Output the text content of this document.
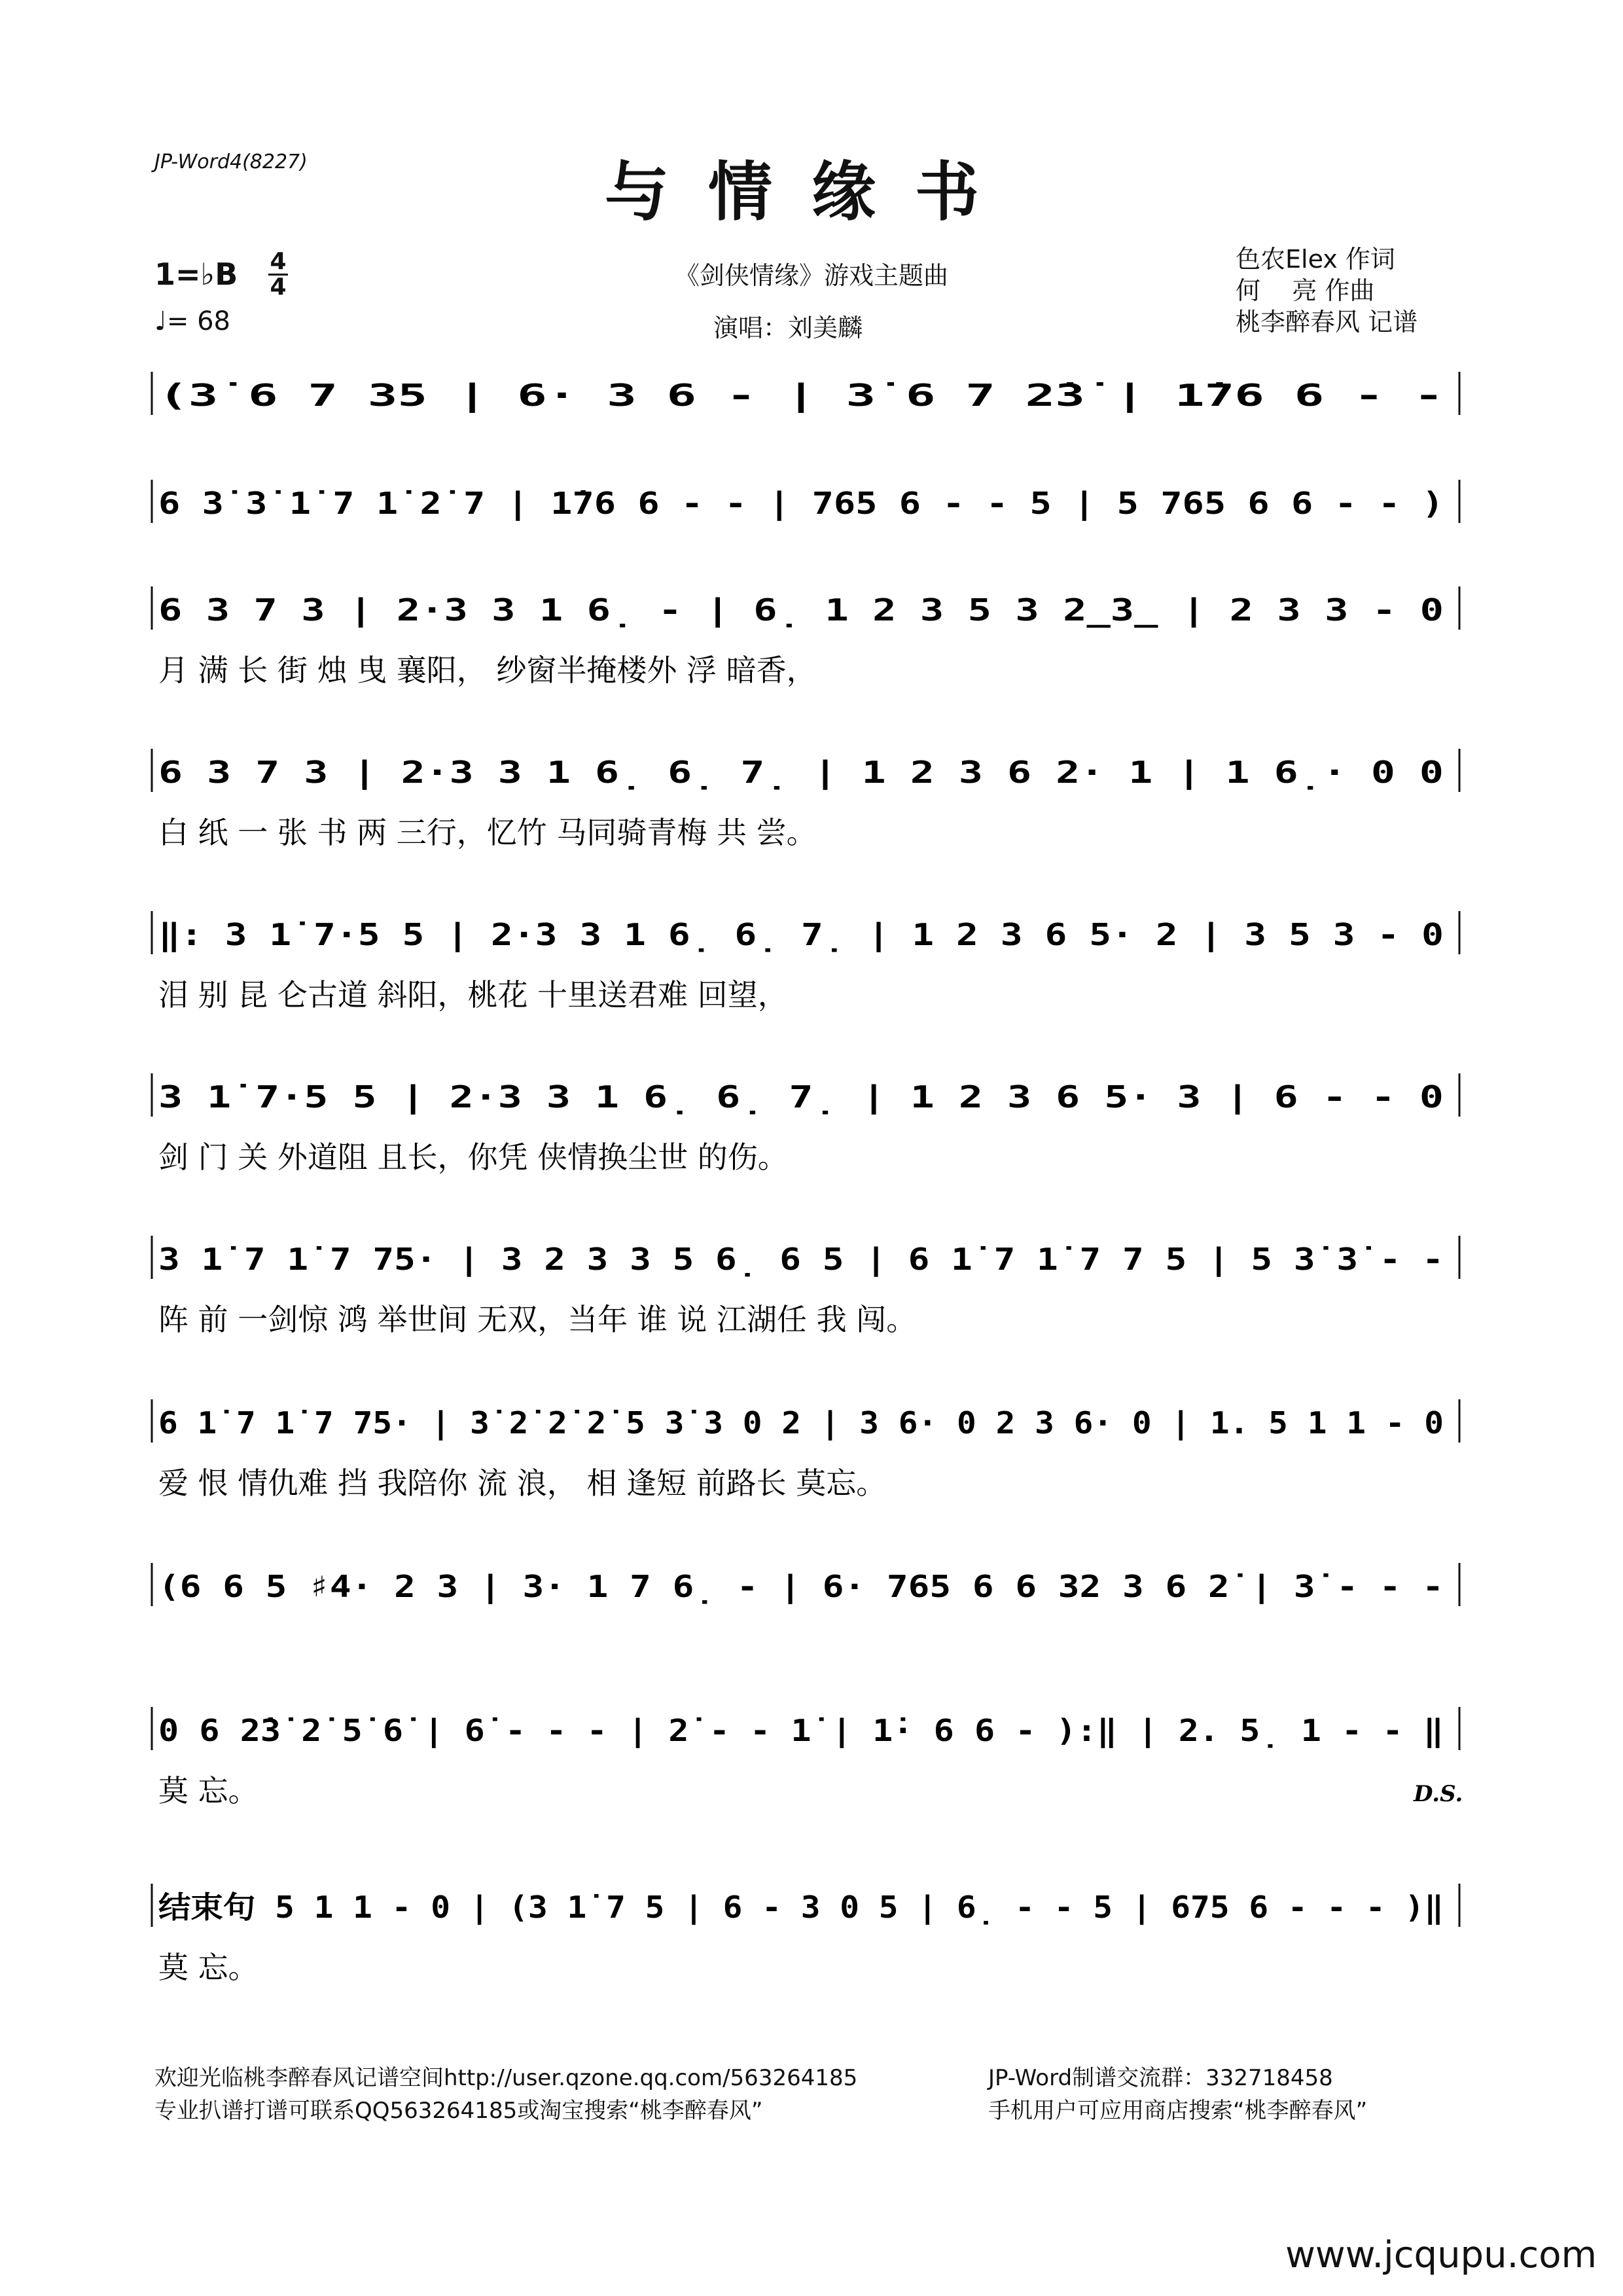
JP-Word4(8227)	与情缘书
1=♭B 4
4
♩= 68
《剑侠情缘》游戏主题曲
演唱：刘美麟
色农Elex 作词
何    亮 作曲
桃李醉春风 记谱
(3̇ 6 7 35 | 6· 3 6 - | 3̇ 6 7 2̇3̇ | 1̇76 6 - -
6 3̇ 3̇ 1̇ 7 1̇ 2̇ 7 | 1̇76 6 - - | 765 6 - - 5 | 5 765 6 6 - - )
6 3 7 3 | 2·3 3 1 6̣ - | 6̣ 1 2 3 5 3 2̲3̲ | 2 3 3 - 0
月 满 长 街 烛 曳 襄阳， 纱窗半掩楼外 浮 暗香，
6 3 7 3 | 2·3 3 1 6̣ 6̣ 7̣ | 1 2 3 6 2· 1 | 1 6̣· 0 0
白 纸 一 张 书 两 三行，忆竹 马同骑青梅 共 尝。
‖: 3 1̇ 7·5 5 | 2·3 3 1 6̣ 6̣ 7̣ | 1 2 3 6 5· 2 | 3 5 3 - 0
泪 别 昆 仑古道 斜阳，桃花 十里送君难 回望，
3 1̇ 7·5 5 | 2·3 3 1 6̣ 6̣ 7̣ | 1 2 3 6 5· 3 | 6 - - 0
剑 门 关 外道阻 且长，你凭 侠情换尘世 的伤。
3 1̇ 7 1̇ 7 75· | 3 2 3 3 5 6̣ 6 5 | 6 1̇ 7 1̇ 7 7 5 | 5 3̇ 3̇ - -
阵 前 一剑惊 鸿 举世间 无双，当年 谁 说 江湖任 我 闯。
6 1̇ 7 1̇ 7 75· | 3̇ 2̇ 2̇ 2̇ 5 3̇ 3 0 2 | 3 6· 0 2 3 6· 0 | 1. 5 1 1 - 0
爱 恨 情仇难 挡 我陪你 流 浪， 相 逢短 前路长 莫忘。
(6 6 5 ♯4· 2 3 | 3· 1 7 6̣ - | 6· 765 6 6 32 3 6 2̇ | 3̇ - - -
0 6 2̇3̇ 2̇ 5̇ 6̇ | 6̇ - - - | 2̇ - - 1̇ | 1̇· 6 6 - ):‖ | 2. 5̣ 1 - - ‖
莫 忘。	D.S.
结束句 5 1 1 - 0 | (3 1̇ 7 5 | 6 - 3 0 5 | 6̣ - - 5 | 675 6 - - - )‖
莫 忘。
欢迎光临桃李醉春风记谱空间http://user.qzone.qq.com/563264185
专业扒谱打谱可联系QQ563264185或淘宝搜索“桃李醉春风”
JP-Word制谱交流群：332718458
手机用户可应用商店搜索“桃李醉春风”
www.jcqupu.com
